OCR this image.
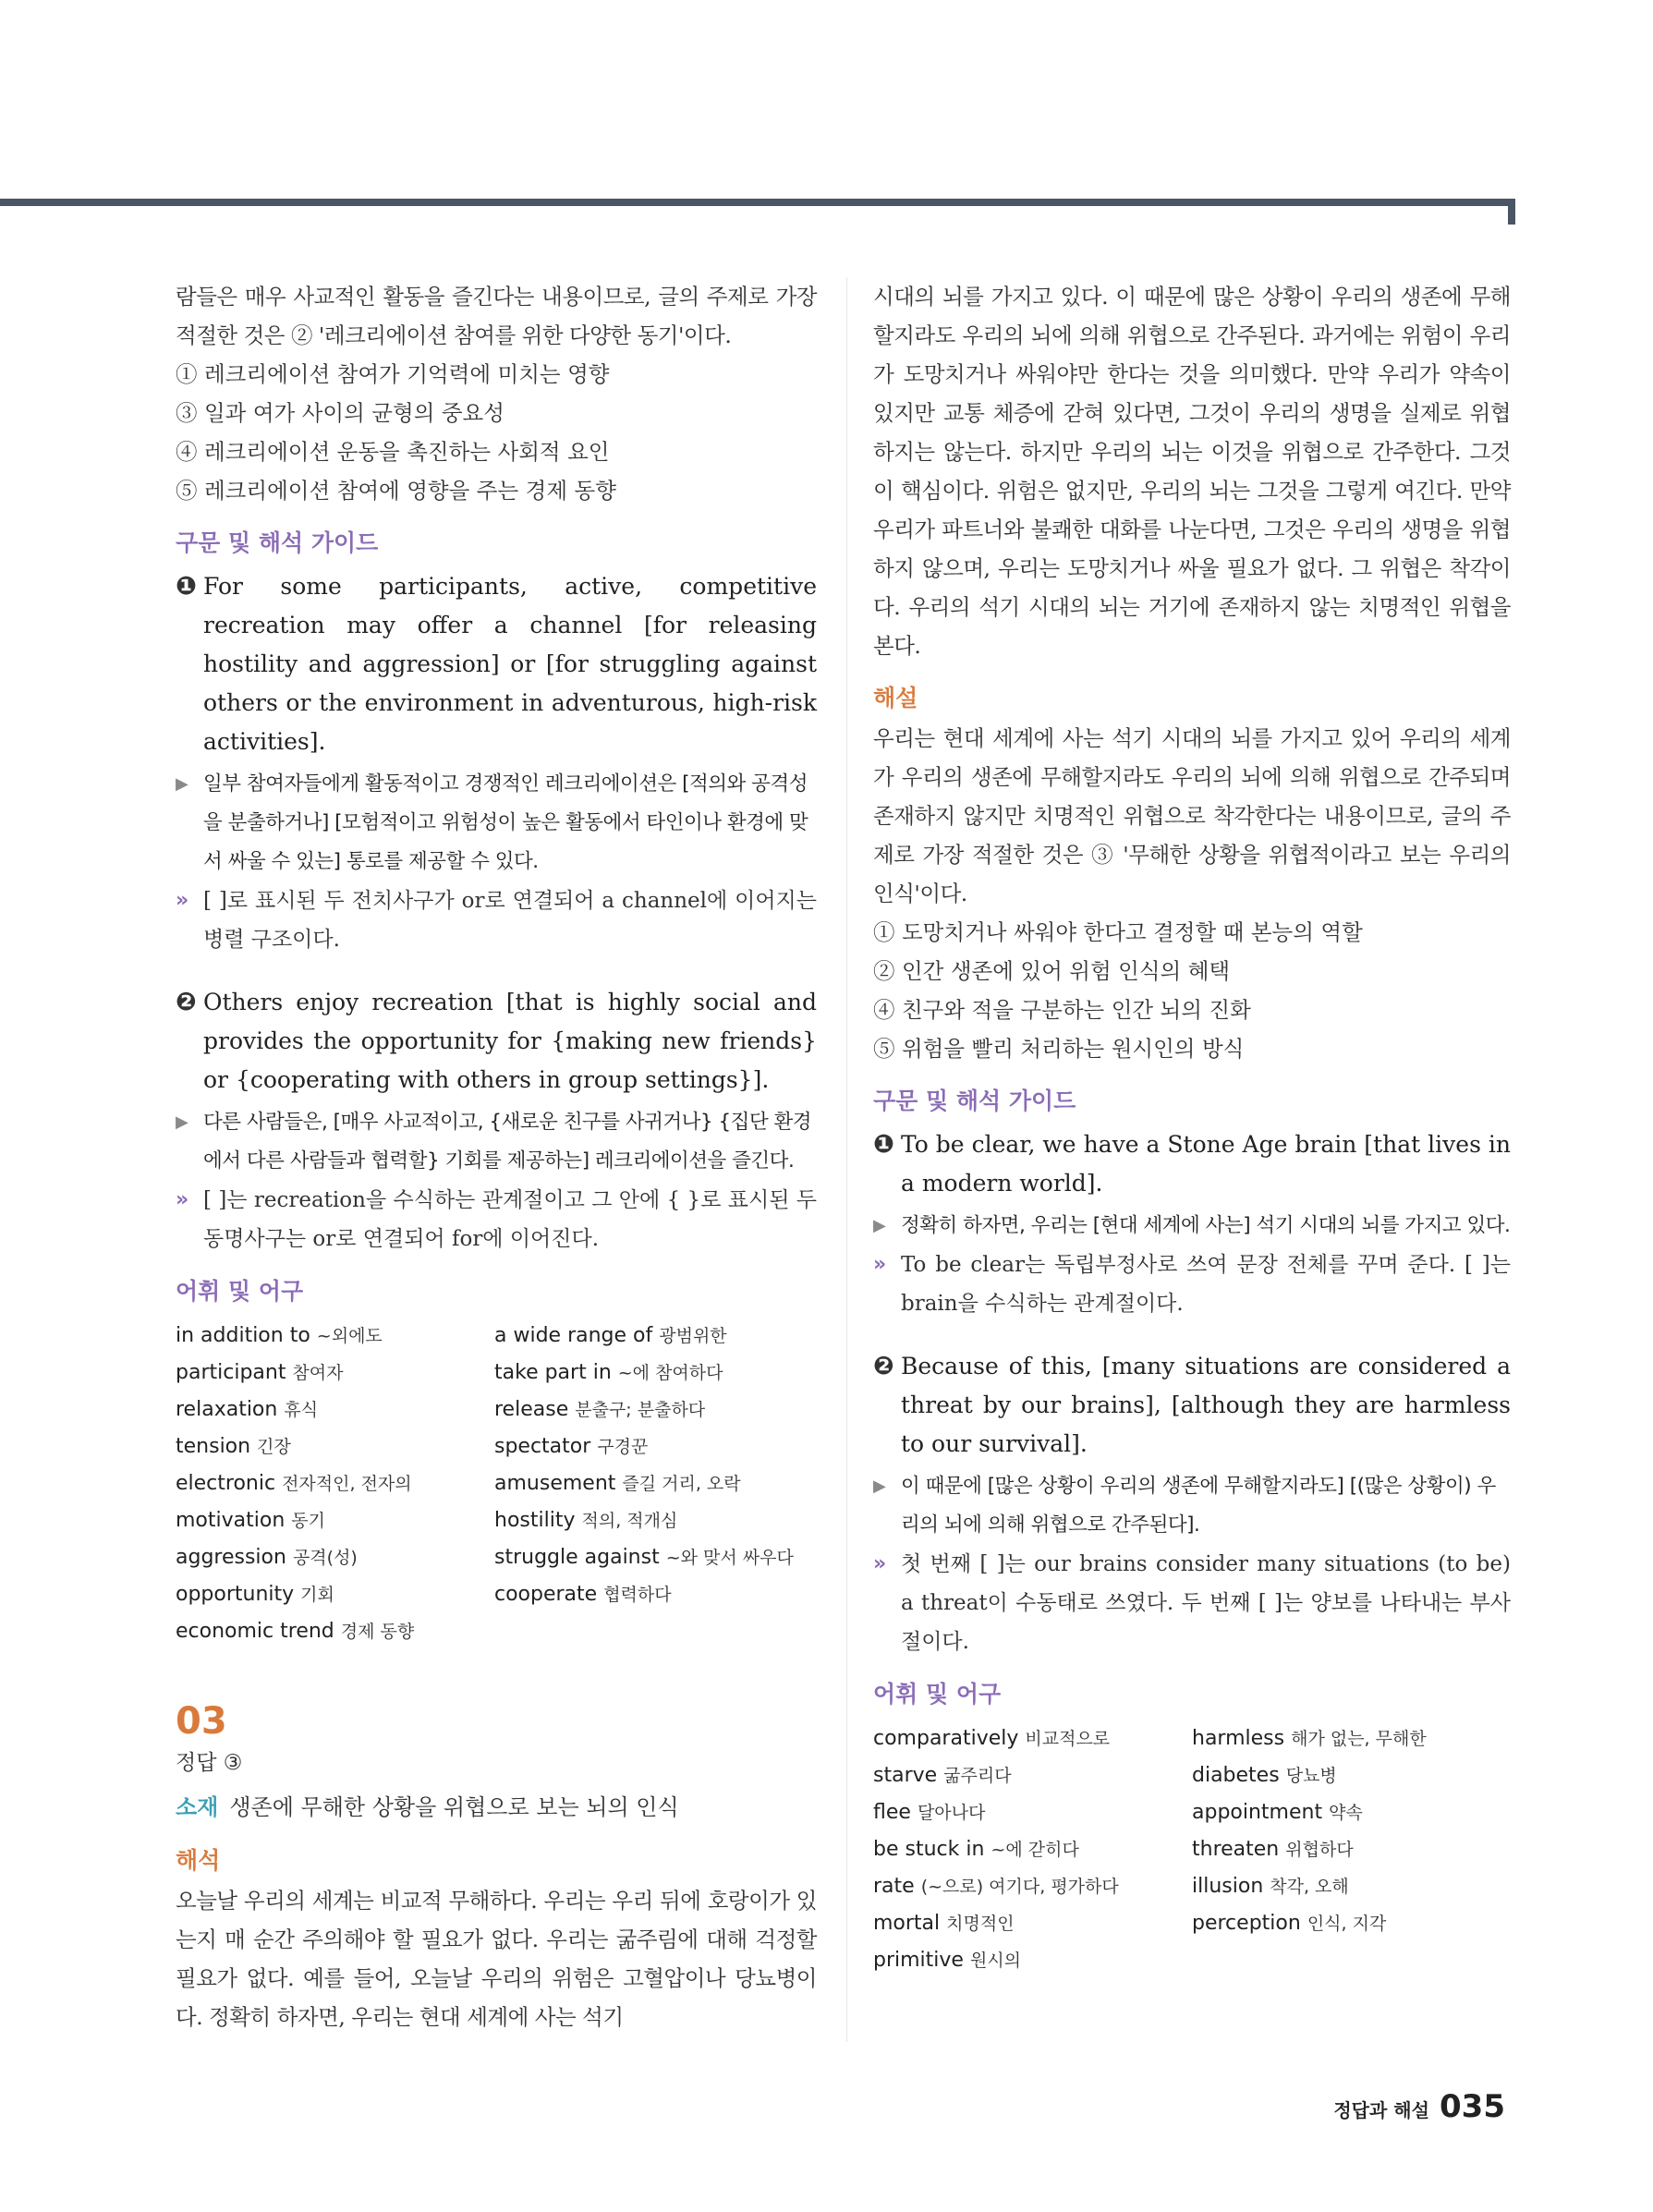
람들은 매우 사교적인 활동을 즐긴다는 내용이므로, 글의 주제로 가장 적절한 것은 ② '레크리에이션 참여를 위한 다양한 동기'이다.

① 레크리에이션 참여가 기억력에 미치는 영향

③ 일과 여가 사이의 균형의 중요성

④ 레크리에이션 운동을 촉진하는 사회적 요인

⑤ 레크리에이션 참여에 영향을 주는 경제 동향

구문 및 해석 가이드
❶ For some participants, active, competitive recreation may offer a channel [for releasing hostility and aggression] or [for struggling against others or the environment in adventurous, high-risk activities].
▶ 일부 참여자들에게 활동적이고 경쟁적인 레크리에이션은 [적의와 공격성을 분출하거나] [모험적이고 위험성이 높은 활동에서 타인이나 환경에 맞서 싸울 수 있는] 통로를 제공할 수 있다.
» [ ]로 표시된 두 전치사구가 or로 연결되어 a channel에 이어지는 병렬 구조이다.
❷ Others enjoy recreation [that is highly social and provides the opportunity for {making new friends} or {cooperating with others in group settings}].
▶ 다른 사람들은, [매우 사교적이고, {새로운 친구를 사귀거나} {집단 환경에서 다른 사람들과 협력할} 기회를 제공하는] 레크리에이션을 즐긴다.
» [ ]는 recreation을 수식하는 관계절이고 그 안에 { }로 표시된 두 동명사구는 or로 연결되어 for에 이어진다.
어휘 및 어구
in addition to ~외에도	a wide range of 광범위한
participant 참여자	take part in ~에 참여하다
relaxation 휴식	release 분출구; 분출하다
tension 긴장	spectator 구경꾼
electronic 전자적인, 전자의	amusement 즐길 거리, 오락
motivation 동기	hostility 적의, 적개심
aggression 공격(성)	struggle against ~와 맞서 싸우다
opportunity 기회	cooperate 협력하다
economic trend 경제 동향
03

정답 ③

소재 생존에 무해한 상황을 위협으로 보는 뇌의 인식

해석

오늘날 우리의 세계는 비교적 무해하다. 우리는 우리 뒤에 호랑이가 있는지 매 순간 주의해야 할 필요가 없다. 우리는 굶주림에 대해 걱정할 필요가 없다. 예를 들어, 오늘날 우리의 위험은 고혈압이나 당뇨병이다. 정확히 하자면, 우리는 현대 세계에 사는 석기

시대의 뇌를 가지고 있다. 이 때문에 많은 상황이 우리의 생존에 무해할지라도 우리의 뇌에 의해 위협으로 간주된다. 과거에는 위험이 우리가 도망치거나 싸워야만 한다는 것을 의미했다. 만약 우리가 약속이 있지만 교통 체증에 갇혀 있다면, 그것이 우리의 생명을 실제로 위협하지는 않는다. 하지만 우리의 뇌는 이것을 위협으로 간주한다. 그것이 핵심이다. 위험은 없지만, 우리의 뇌는 그것을 그렇게 여긴다. 만약 우리가 파트너와 불쾌한 대화를 나눈다면, 그것은 우리의 생명을 위협하지 않으며, 우리는 도망치거나 싸울 필요가 없다. 그 위협은 착각이다. 우리의 석기 시대의 뇌는 거기에 존재하지 않는 치명적인 위협을 본다.

해설

우리는 현대 세계에 사는 석기 시대의 뇌를 가지고 있어 우리의 세계가 우리의 생존에 무해할지라도 우리의 뇌에 의해 위협으로 간주되며 존재하지 않지만 치명적인 위협으로 착각한다는 내용이므로, 글의 주제로 가장 적절한 것은 ③ '무해한 상황을 위협적이라고 보는 우리의 인식'이다.

① 도망치거나 싸워야 한다고 결정할 때 본능의 역할

② 인간 생존에 있어 위험 인식의 혜택

④ 친구와 적을 구분하는 인간 뇌의 진화

⑤ 위험을 빨리 처리하는 원시인의 방식

구문 및 해석 가이드
❶ To be clear, we have a Stone Age brain [that lives in a modern world].
▶ 정확히 하자면, 우리는 [현대 세계에 사는] 석기 시대의 뇌를 가지고 있다.
» To be clear는 독립부정사로 쓰여 문장 전체를 꾸며 준다. [ ]는 brain을 수식하는 관계절이다.
❷ Because of this, [many situations are considered a threat by our brains], [although they are harmless to our survival].
▶ 이 때문에 [많은 상황이 우리의 생존에 무해할지라도] [(많은 상황이) 우리의 뇌에 의해 위협으로 간주된다].
» 첫 번째 [ ]는 our brains consider many situations (to be) a threat이 수동태로 쓰였다. 두 번째 [ ]는 양보를 나타내는 부사절이다.
어휘 및 어구
comparatively 비교적으로	harmless 해가 없는, 무해한
starve 굶주리다	diabetes 당뇨병
flee 달아나다	appointment 약속
be stuck in ~에 갇히다	threaten 위협하다
rate (~으로) 여기다, 평가하다	illusion 착각, 오해
mortal 치명적인	perception 인식, 지각
primitive 원시의
정답과 해설 035
